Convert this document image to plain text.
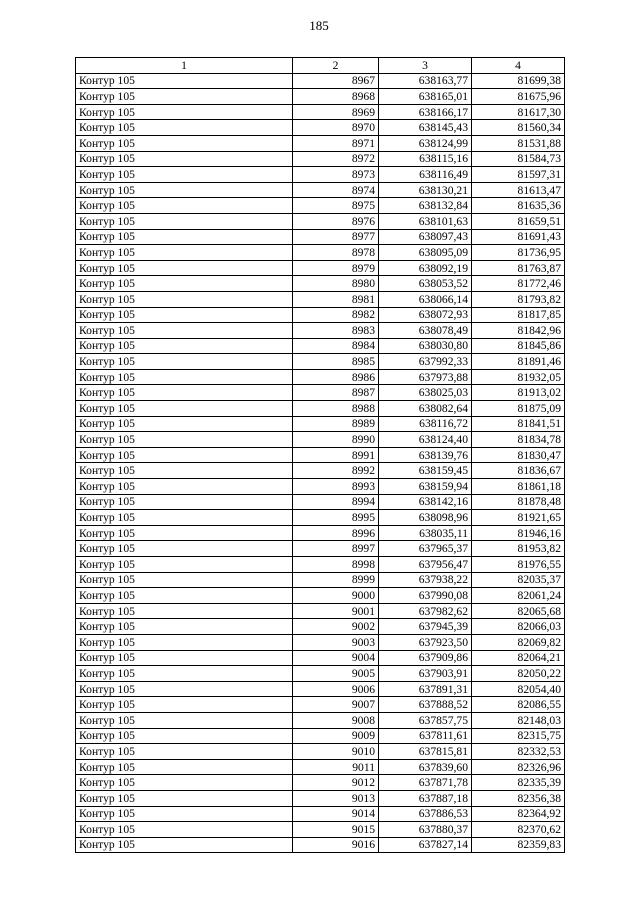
185
1	2	3	4
Контур 105	8967	638163,77	81699,38
Контур 105	8968	638165,01	81675,96
Контур 105	8969	638166,17	81617,30
Контур 105	8970	638145,43	81560,34
Контур 105	8971	638124,99	81531,88
Контур 105	8972	638115,16	81584,73
Контур 105	8973	638116,49	81597,31
Контур 105	8974	638130,21	81613,47
Контур 105	8975	638132,84	81635,36
Контур 105	8976	638101,63	81659,51
Контур 105	8977	638097,43	81691,43
Контур 105	8978	638095,09	81736,95
Контур 105	8979	638092,19	81763,87
Контур 105	8980	638053,52	81772,46
Контур 105	8981	638066,14	81793,82
Контур 105	8982	638072,93	81817,85
Контур 105	8983	638078,49	81842,96
Контур 105	8984	638030,80	81845,86
Контур 105	8985	637992,33	81891,46
Контур 105	8986	637973,88	81932,05
Контур 105	8987	638025,03	81913,02
Контур 105	8988	638082,64	81875,09
Контур 105	8989	638116,72	81841,51
Контур 105	8990	638124,40	81834,78
Контур 105	8991	638139,76	81830,47
Контур 105	8992	638159,45	81836,67
Контур 105	8993	638159,94	81861,18
Контур 105	8994	638142,16	81878,48
Контур 105	8995	638098,96	81921,65
Контур 105	8996	638035,11	81946,16
Контур 105	8997	637965,37	81953,82
Контур 105	8998	637956,47	81976,55
Контур 105	8999	637938,22	82035,37
Контур 105	9000	637990,08	82061,24
Контур 105	9001	637982,62	82065,68
Контур 105	9002	637945,39	82066,03
Контур 105	9003	637923,50	82069,82
Контур 105	9004	637909,86	82064,21
Контур 105	9005	637903,91	82050,22
Контур 105	9006	637891,31	82054,40
Контур 105	9007	637888,52	82086,55
Контур 105	9008	637857,75	82148,03
Контур 105	9009	637811,61	82315,75
Контур 105	9010	637815,81	82332,53
Контур 105	9011	637839,60	82326,96
Контур 105	9012	637871,78	82335,39
Контур 105	9013	637887,18	82356,38
Контур 105	9014	637886,53	82364,92
Контур 105	9015	637880,37	82370,62
Контур 105	9016	637827,14	82359,83
